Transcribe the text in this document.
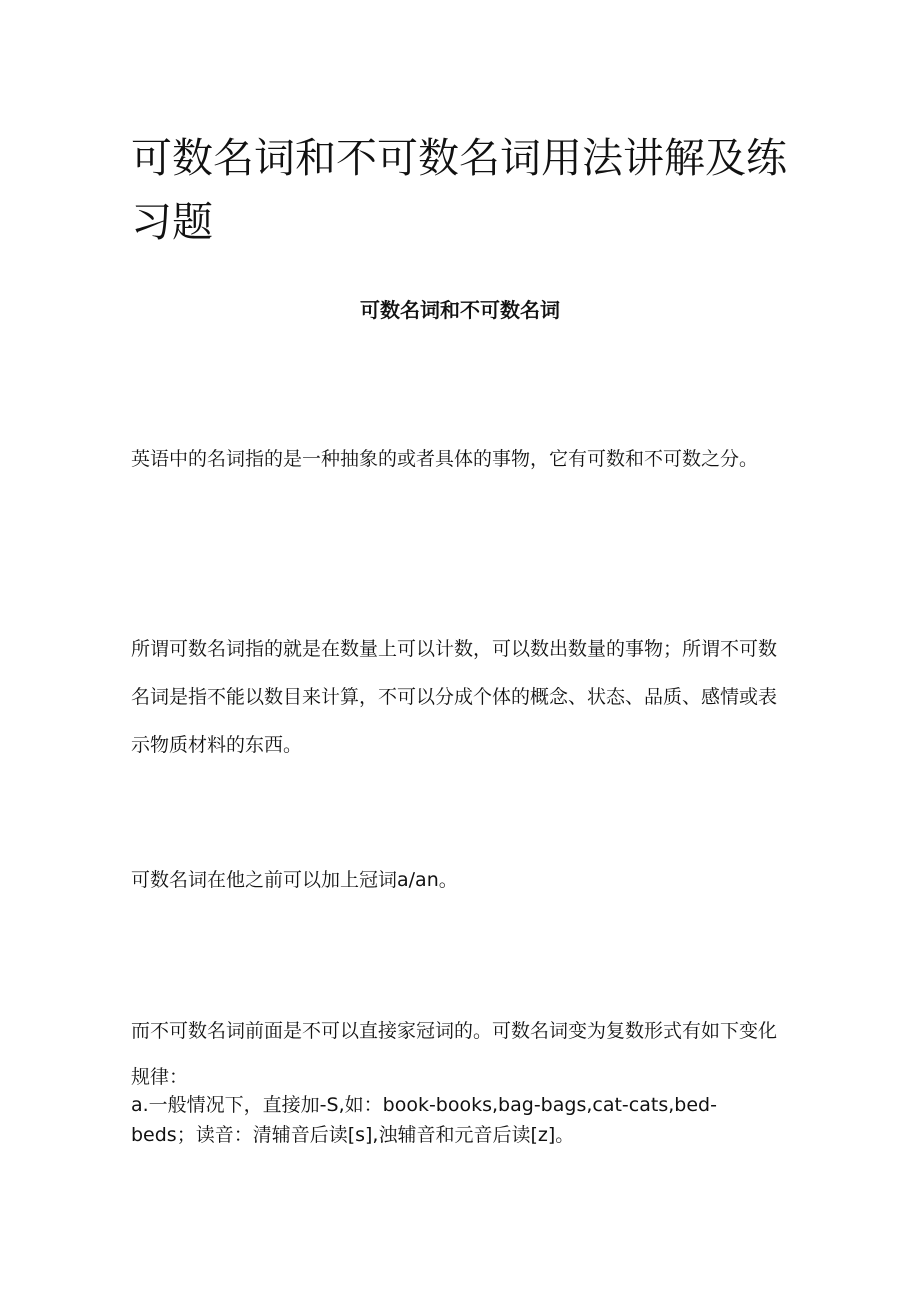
可数名词和不可数名词用法讲解及练习题
可数名词和不可数名词

英语中的名词指的是一种抽象的或者具体的事物，它有可数和不可数之分。

所谓可数名词指的就是在数量上可以计数，可以数出数量的事物；所谓不可数名词是指不能以数目来计算，不可以分成个体的概念、状态、品质、感情或表示物质材料的东西。

可数名词在他之前可以加上冠词a∕an。

而不可数名词前面是不可以直接家冠词的。可数名词变为复数形式有如下变化规律：

a.一般情况下，直接加-S,如：book-books,bag-bags,cat-cats,bed-beds；读音：清辅音后读[s],浊辅音和元音后读[z]。
